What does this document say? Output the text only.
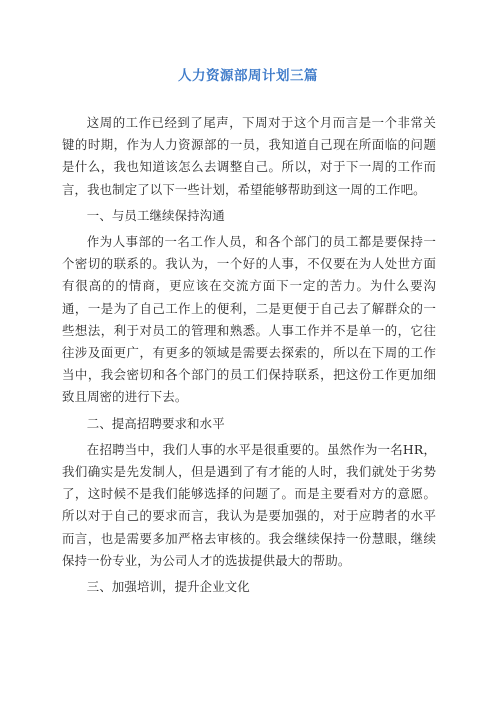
人力资源部周计划三篇

这周的工作已经到了尾声，下周对于这个月而言是一个非常关键的时期，作为人力资源部的一员，我知道自己现在所面临的问题是什么，我也知道该怎么去调整自己。所以，对于下一周的工作而言，我也制定了以下一些计划，希望能够帮助到这一周的工作吧。

一、与员工继续保持沟通

作为人事部的一名工作人员，和各个部门的员工都是要保持一个密切的联系的。我认为，一个好的人事，不仅要在为人处世方面有很高的的情商，更应该在交流方面下一定的苦力。为什么要沟通，一是为了自己工作上的便利，二是更便于自己去了解群众的一些想法，利于对员工的管理和熟悉。人事工作并不是单一的，它往往涉及面更广，有更多的领域是需要去探索的，所以在下周的工作当中，我会密切和各个部门的员工们保持联系，把这份工作更加细致且周密的进行下去。

二、提高招聘要求和水平

在招聘当中，我们人事的水平是很重要的。虽然作为一名HR，我们确实是先发制人，但是遇到了有才能的人时，我们就处于劣势了，这时候不是我们能够选择的问题了。而是主要看对方的意愿。所以对于自己的要求而言，我认为是要加强的，对于应聘者的水平而言，也是需要多加严格去审核的。我会继续保持一份慧眼，继续保持一份专业，为公司人才的选拔提供最大的帮助。

三、加强培训，提升企业文化
